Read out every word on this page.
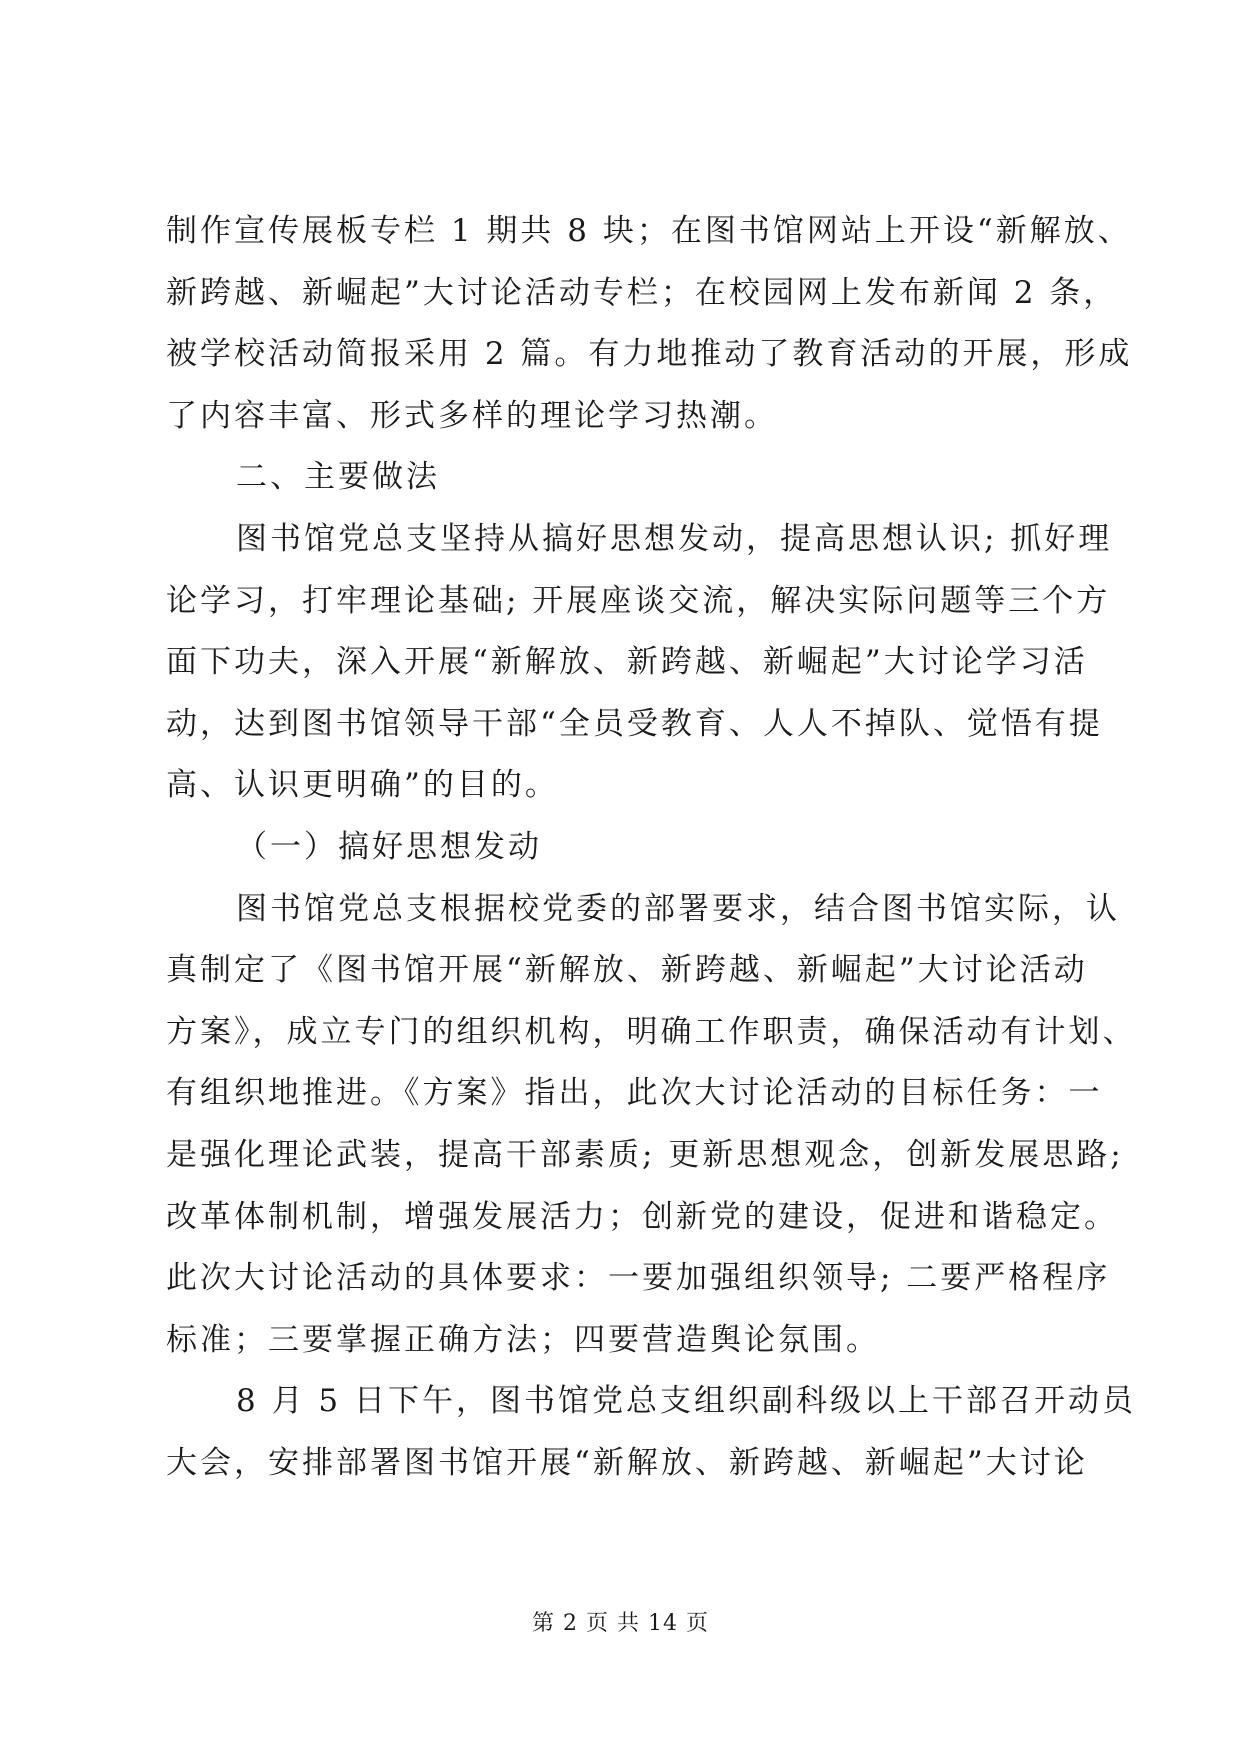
制作宣传展板专栏 1 期共 8 块；在图书馆网站上开设“新解放、
新跨越、新崛起”大讨论活动专栏；在校园网上发布新闻 2 条，
被学校活动简报采用 2 篇。有力地推动了教育活动的开展，形成
了内容丰富、形式多样的理论学习热潮。

二、主要做法

图书馆党总支坚持从搞好思想发动，提高思想认识; 抓好理
论学习，打牢理论基础; 开展座谈交流，解决实际问题等三个方
面下功夫，深入开展“新解放、新跨越、新崛起”大讨论学习活
动，达到图书馆领导干部“全员受教育、人人不掉队、觉悟有提
高、认识更明确”的目的。

（一）搞好思想发动

图书馆党总支根据校党委的部署要求，结合图书馆实际，认
真制定了《图书馆开展“新解放、新跨越、新崛起”大讨论活动
方案》，成立专门的组织机构，明确工作职责，确保活动有计划、
有组织地推进。《方案》指出，此次大讨论活动的目标任务：一
是强化理论武装，提高干部素质; 更新思想观念，创新发展思路;
改革体制机制，增强发展活力；创新党的建设，促进和谐稳定。
此次大讨论活动的具体要求：一要加强组织领导; 二要严格程序
标准；三要掌握正确方法；四要营造舆论氛围。

8 月 5 日下午，图书馆党总支组织副科级以上干部召开动员
大会，安排部署图书馆开展“新解放、新跨越、新崛起”大讨论

第 2 页 共 14 页
